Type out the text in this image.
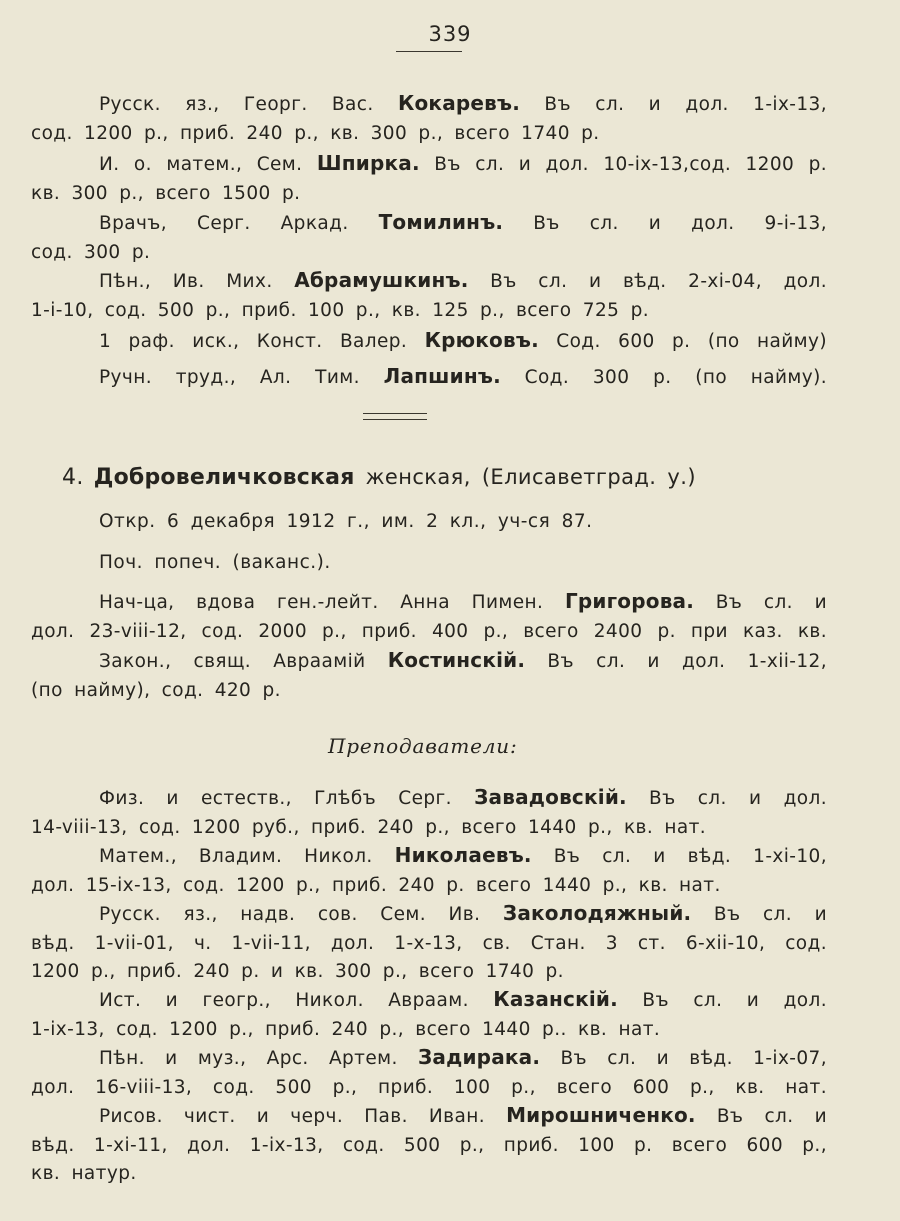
339
Русск. яз., Георг. Вас. Кокаревъ. Въ сл. и дол. 1-ix-13,
сод. 1200 р., приб. 240 р., кв. 300 р., всего 1740 р.
И. о. матем., Сем. Шпирка. Въ сл. и дол. 10-ix-13,сод. 1200 р.
кв. 300 р., всего 1500 р.
Врачъ, Серг. Аркад. Томилинъ. Въ сл. и дол. 9-i-13,
сод. 300 р.
Пѣн., Ив. Мих. Абрамушкинъ. Въ сл. и вѣд. 2-xi-04, дол.
1-i-10, сод. 500 р., приб. 100 р., кв. 125 р., всего 725 р.
1 раф. иск., Конст. Валер. Крюковъ. Сод. 600 р. (по найму)
Ручн. труд., Ал. Тим. Лапшинъ. Сод. 300 р. (по найму).
4. Добровеличковская женская, (Елисаветград. у.)
Откр. 6 декабря 1912 г., им. 2 кл., уч-ся 87.
Поч. попеч. (ваканс.).
Нач-ца, вдова ген.-лейт. Анна Пимен. Григорова. Въ сл. и
дол. 23-viii-12, сод. 2000 р., приб. 400 р., всего 2400 р. при каз. кв.
Закон., свящ. Авраамій Костинскій. Въ сл. и дол. 1-xii-12,
(по найму), сод. 420 р.
Преподаватели:
Физ. и естеств., Глѣбъ Серг. Завадовскій. Въ сл. и дол.
14-viii-13, сод. 1200 руб., приб. 240 р., всего 1440 р., кв. нат.
Матем., Владим. Никол. Николаевъ. Въ сл. и вѣд. 1-xi-10,
дол. 15-ix-13, сод. 1200 р., приб. 240 р. всего 1440 р., кв. нат.
Русск. яз., надв. сов. Сем. Ив. Заколодяжный. Въ сл. и
вѣд. 1-vii-01, ч. 1-vii-11, дол. 1-x-13, св. Стан. 3 ст. 6-xii-10, сод.
1200 р., приб. 240 р. и кв. 300 р., всего 1740 р.
Ист. и геогр., Никол. Авраам. Казанскій. Въ сл. и дол.
1-ix-13, сод. 1200 р., приб. 240 р., всего 1440 р.. кв. нат.
Пѣн. и муз., Арс. Артем. Задирака. Въ сл. и вѣд. 1-ix-07,
дол. 16-viii-13, сод. 500 р., приб. 100 р., всего 600 р., кв. нат.
Рисов. чист. и черч. Пав. Иван. Мирошниченко. Въ сл. и
вѣд. 1-xi-11, дол. 1-ix-13, сод. 500 р., приб. 100 р. всего 600 р.,
кв. натур.
